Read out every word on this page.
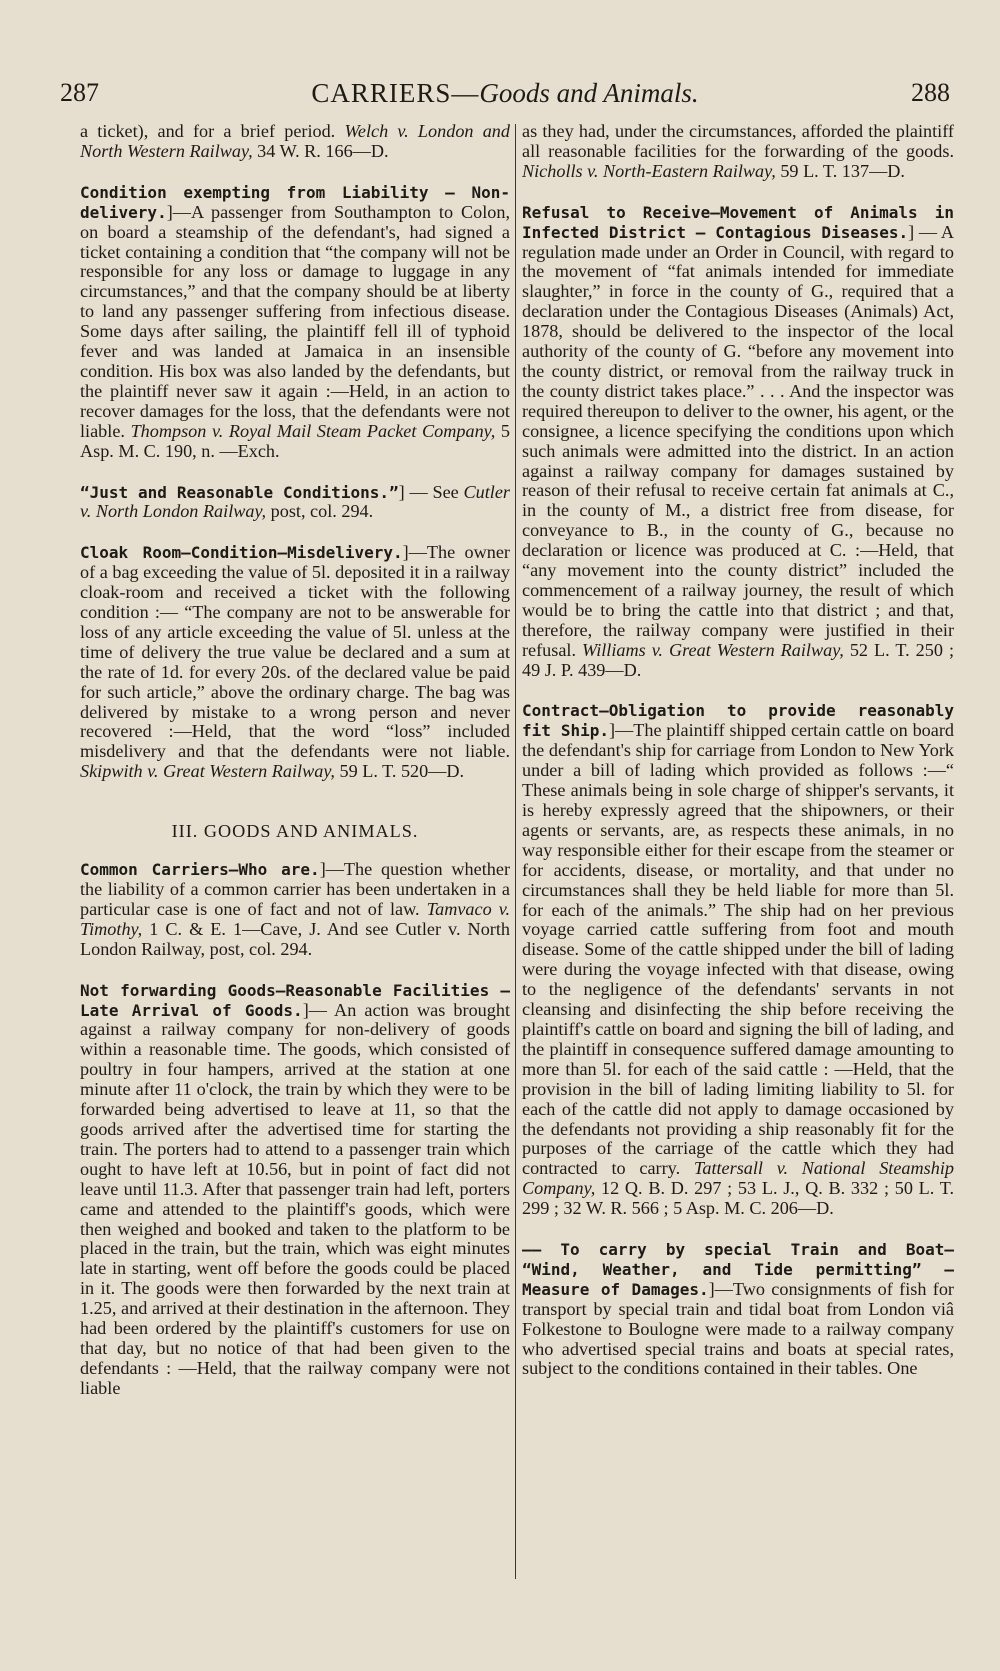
287	CARRIERS—Goods and Animals.	288

a ticket), and for a brief period. Welch v. London and North Western Railway, 34 W. R. 166—D.

Condition exempting from Liability — Non-delivery.]—A passenger from Southampton to Colon, on board a steamship of the defendant's, had signed a ticket containing a condition that “the company will not be responsible for any loss or damage to luggage in any circumstances,” and that the company should be at liberty to land any passenger suffering from infectious disease. Some days after sailing, the plaintiff fell ill of typhoid fever and was landed at Jamaica in an insensible condition. His box was also landed by the defendants, but the plaintiff never saw it again :—Held, in an action to recover damages for the loss, that the defendants were not liable. Thompson v. Royal Mail Steam Packet Company, 5 Asp. M. C. 190, n. —Exch.

“Just and Reasonable Conditions.”] — See Cutler v. North London Railway, post, col. 294.

Cloak Room—Condition—Misdelivery.]—The owner of a bag exceeding the value of 5l. deposited it in a railway cloak-room and received a ticket with the following condition :— “The company are not to be answerable for loss of any article exceeding the value of 5l. unless at the time of delivery the true value be declared and a sum at the rate of 1d. for every 20s. of the declared value be paid for such article,” above the ordinary charge. The bag was delivered by mistake to a wrong person and never recovered :—Held, that the word “loss” included misdelivery and that the defendants were not liable. Skipwith v. Great Western Railway, 59 L. T. 520—D.

III. GOODS AND ANIMALS.

Common Carriers—Who are.]—The question whether the liability of a common carrier has been undertaken in a particular case is one of fact and not of law. Tamvaco v. Timothy, 1 C. & E. 1—Cave, J. And see Cutler v. North London Railway, post, col. 294.

Not forwarding Goods—Reasonable Facilities —Late Arrival of Goods.]— An action was brought against a railway company for non-delivery of goods within a reasonable time. The goods, which consisted of poultry in four hampers, arrived at the station at one minute after 11 o'clock, the train by which they were to be forwarded being advertised to leave at 11, so that the goods arrived after the advertised time for starting the train. The porters had to attend to a passenger train which ought to have left at 10.56, but in point of fact did not leave until 11.3. After that passenger train had left, porters came and attended to the plaintiff's goods, which were then weighed and booked and taken to the platform to be placed in the train, but the train, which was eight minutes late in starting, went off before the goods could be placed in it. The goods were then forwarded by the next train at 1.25, and arrived at their destination in the afternoon. They had been ordered by the plaintiff's customers for use on that day, but no notice of that had been given to the defendants : —Held, that the railway company were not liable

as they had, under the circumstances, afforded the plaintiff all reasonable facilities for the forwarding of the goods. Nicholls v. North-Eastern Railway, 59 L. T. 137—D.

Refusal to Receive—Movement of Animals in Infected District — Contagious Diseases.] — A regulation made under an Order in Council, with regard to the movement of “fat animals intended for immediate slaughter,” in force in the county of G., required that a declaration under the Contagious Diseases (Animals) Act, 1878, should be delivered to the inspector of the local authority of the county of G. “before any movement into the county district, or removal from the railway truck in the county district takes place.” . . . And the inspector was required thereupon to deliver to the owner, his agent, or the consignee, a licence specifying the conditions upon which such animals were admitted into the district. In an action against a railway company for damages sustained by reason of their refusal to receive certain fat animals at C., in the county of M., a district free from disease, for conveyance to B., in the county of G., because no declaration or licence was produced at C. :—Held, that “any movement into the county district” included the commencement of a railway journey, the result of which would be to bring the cattle into that district ; and that, therefore, the railway company were justified in their refusal. Williams v. Great Western Railway, 52 L. T. 250 ; 49 J. P. 439—D.

Contract—Obligation to provide reasonably fit Ship.]—The plaintiff shipped certain cattle on board the defendant's ship for carriage from London to New York under a bill of lading which provided as follows :—“ These animals being in sole charge of shipper's servants, it is hereby expressly agreed that the shipowners, or their agents or servants, are, as respects these animals, in no way responsible either for their escape from the steamer or for accidents, disease, or mortality, and that under no circumstances shall they be held liable for more than 5l. for each of the animals.” The ship had on her previous voyage carried cattle suffering from foot and mouth disease. Some of the cattle shipped under the bill of lading were during the voyage infected with that disease, owing to the negligence of the defendants' servants in not cleansing and disinfecting the ship before receiving the plaintiff's cattle on board and signing the bill of lading, and the plaintiff in consequence suffered damage amounting to more than 5l. for each of the said cattle : —Held, that the provision in the bill of lading limiting liability to 5l. for each of the cattle did not apply to damage occasioned by the defendants not providing a ship reasonably fit for the purposes of the carriage of the cattle which they had contracted to carry. Tattersall v. National Steamship Company, 12 Q. B. D. 297 ; 53 L. J., Q. B. 332 ; 50 L. T. 299 ; 32 W. R. 566 ; 5 Asp. M. C. 206—D.

—— To carry by special Train and Boat— “Wind, Weather, and Tide permitting” — Measure of Damages.]—Two consignments of fish for transport by special train and tidal boat from London viâ Folkestone to Boulogne were made to a railway company who advertised special trains and boats at special rates, subject to the conditions contained in their tables. One
